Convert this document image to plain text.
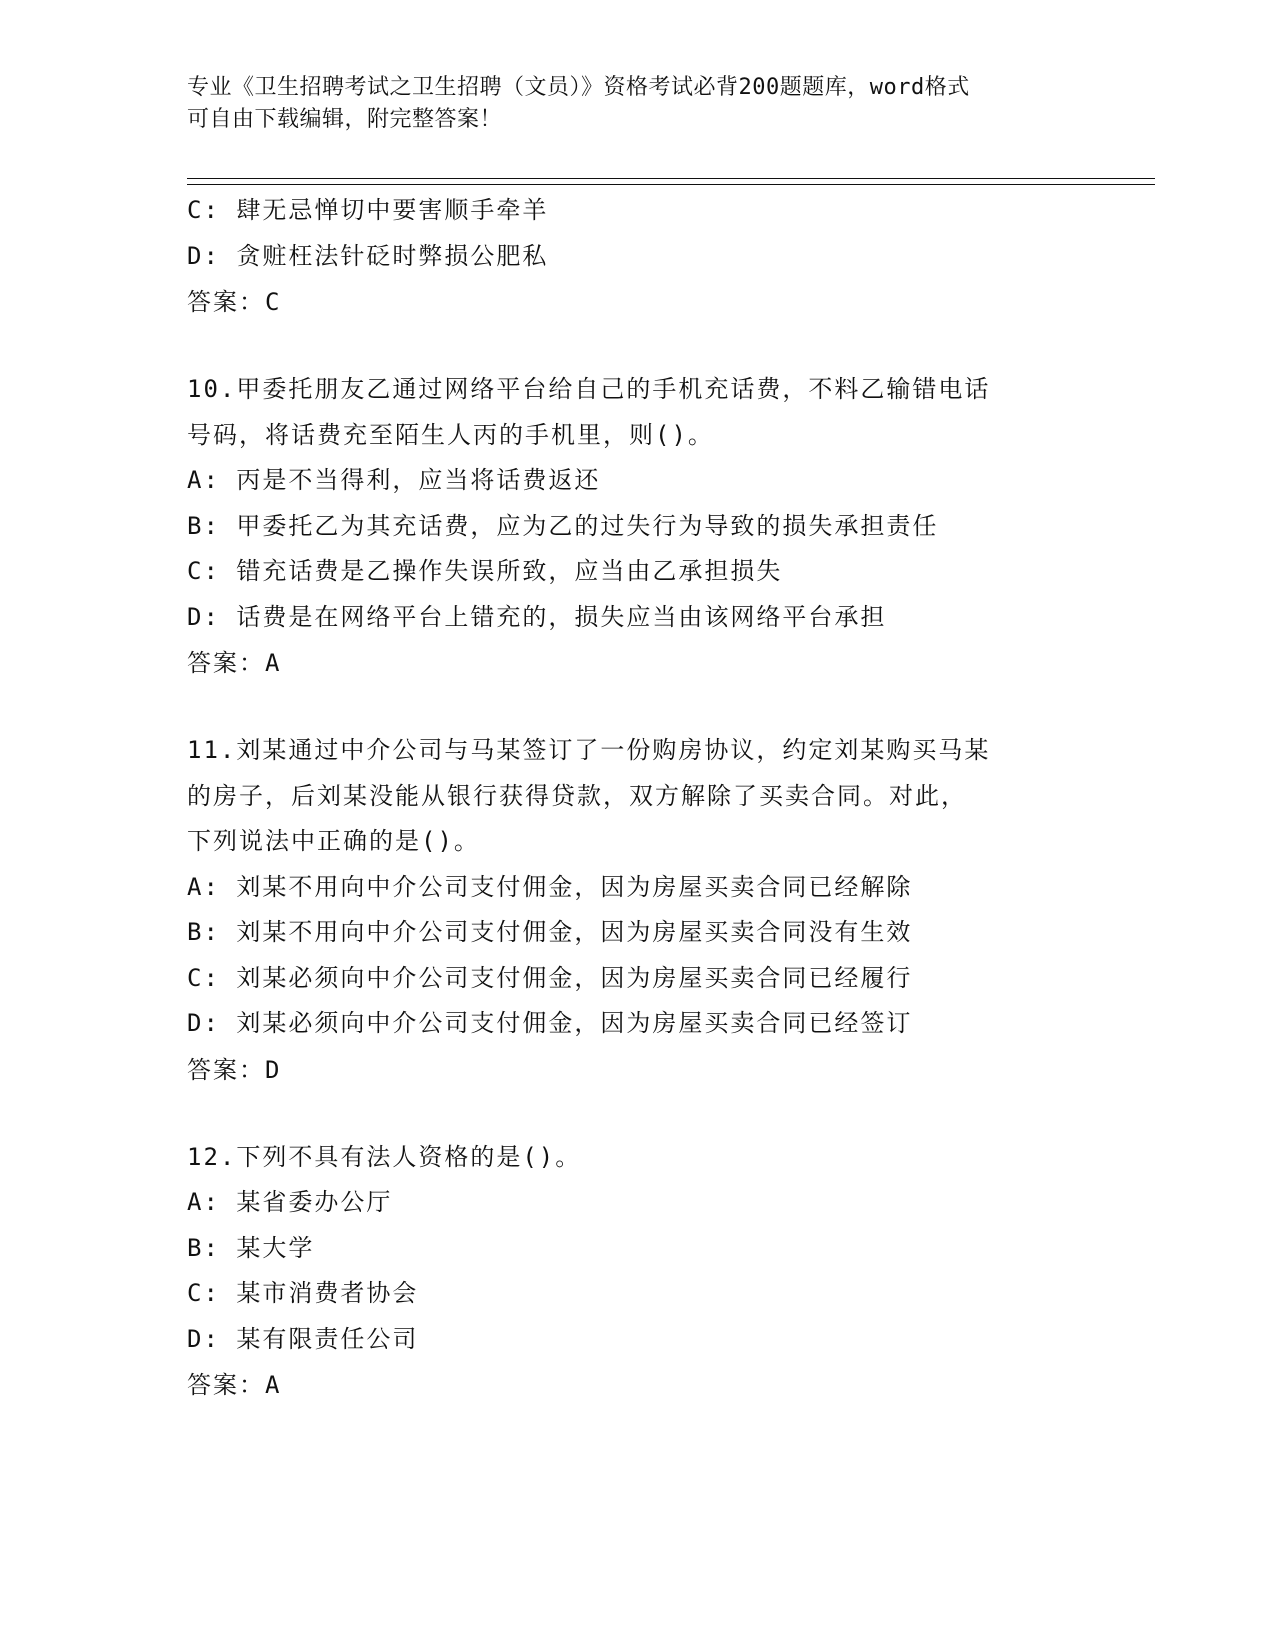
专业《卫生招聘考试之卫生招聘（文员）》资格考试必背200题题库，word格式
可自由下载编辑，附完整答案！
C: 肆无忌惮切中要害顺手牵羊
D: 贪赃枉法针砭时弊损公肥私
答案：C
10.甲委托朋友乙通过网络平台给自己的手机充话费，不料乙输错电话
号码，将话费充至陌生人丙的手机里，则()。
A: 丙是不当得利，应当将话费返还
B: 甲委托乙为其充话费，应为乙的过失行为导致的损失承担责任
C: 错充话费是乙操作失误所致，应当由乙承担损失
D: 话费是在网络平台上错充的，损失应当由该网络平台承担
答案：A
11.刘某通过中介公司与马某签订了一份购房协议，约定刘某购买马某
的房子，后刘某没能从银行获得贷款，双方解除了买卖合同。对此，
下列说法中正确的是()。
A: 刘某不用向中介公司支付佣金，因为房屋买卖合同已经解除
B: 刘某不用向中介公司支付佣金，因为房屋买卖合同没有生效
C: 刘某必须向中介公司支付佣金，因为房屋买卖合同已经履行
D: 刘某必须向中介公司支付佣金，因为房屋买卖合同已经签订
答案：D
12.下列不具有法人资格的是()。
A: 某省委办公厅
B: 某大学
C: 某市消费者协会
D: 某有限责任公司
答案：A
